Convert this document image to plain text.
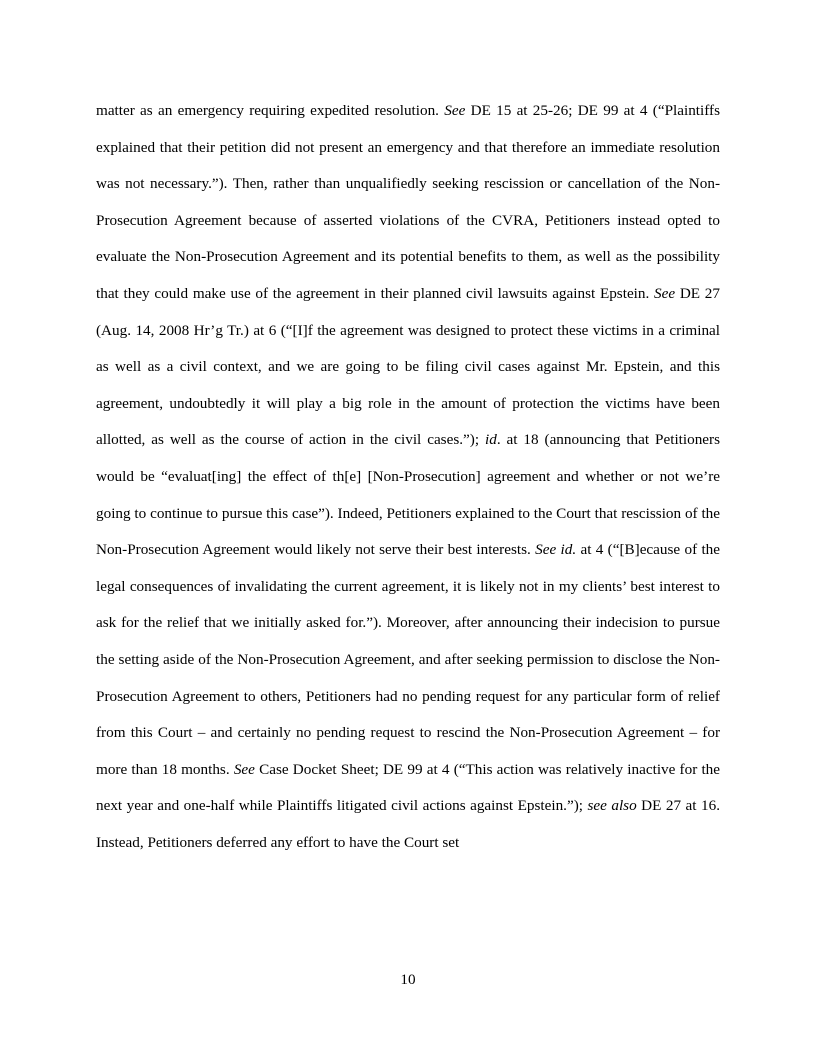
matter as an emergency requiring expedited resolution. See DE 15 at 25-26; DE 99 at 4 (“Plaintiffs explained that their petition did not present an emergency and that therefore an immediate resolution was not necessary.”). Then, rather than unqualifiedly seeking rescission or cancellation of the Non-Prosecution Agreement because of asserted violations of the CVRA, Petitioners instead opted to evaluate the Non-Prosecution Agreement and its potential benefits to them, as well as the possibility that they could make use of the agreement in their planned civil lawsuits against Epstein. See DE 27 (Aug. 14, 2008 Hr’g Tr.) at 6 (“[I]f the agreement was designed to protect these victims in a criminal as well as a civil context, and we are going to be filing civil cases against Mr. Epstein, and this agreement, undoubtedly it will play a big role in the amount of protection the victims have been allotted, as well as the course of action in the civil cases.”); id. at 18 (announcing that Petitioners would be “evaluat[ing] the effect of th[e] [Non-Prosecution] agreement and whether or not we’re going to continue to pursue this case”). Indeed, Petitioners explained to the Court that rescission of the Non-Prosecution Agreement would likely not serve their best interests. See id. at 4 (“[B]ecause of the legal consequences of invalidating the current agreement, it is likely not in my clients’ best interest to ask for the relief that we initially asked for.”). Moreover, after announcing their indecision to pursue the setting aside of the Non-Prosecution Agreement, and after seeking permission to disclose the Non-Prosecution Agreement to others, Petitioners had no pending request for any particular form of relief from this Court – and certainly no pending request to rescind the Non-Prosecution Agreement – for more than 18 months. See Case Docket Sheet; DE 99 at 4 (“This action was relatively inactive for the next year and one-half while Plaintiffs litigated civil actions against Epstein.”); see also DE 27 at 16. Instead, Petitioners deferred any effort to have the Court set

10
